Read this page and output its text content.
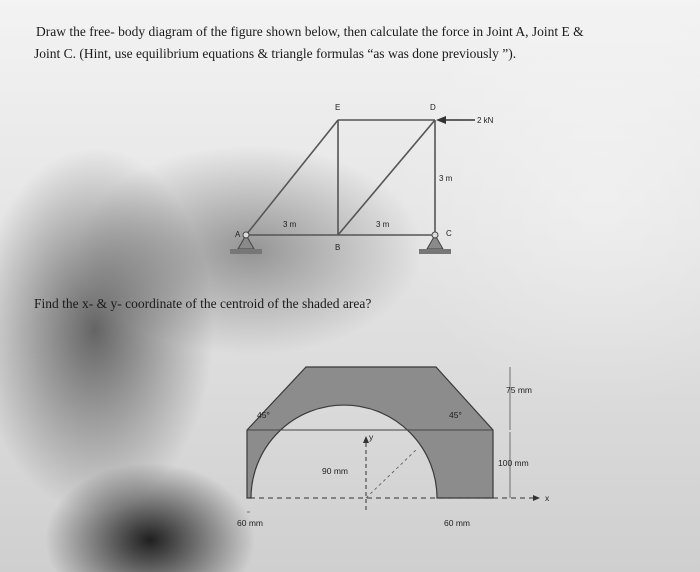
Draw the free- body diagram of the figure shown below, then calculate the force in Joint A, Joint E &
Joint C. (Hint, use equilibrium equations & triangle formulas “as was done previously ”).
A
B
C
D
E
2 kN
3 m	3 m
3 m
75 mm
100 mm
45°	45°
90 mm
60 mm	60 mm
x
y
Find the x- & y- coordinate of the centroid of the shaded area?
